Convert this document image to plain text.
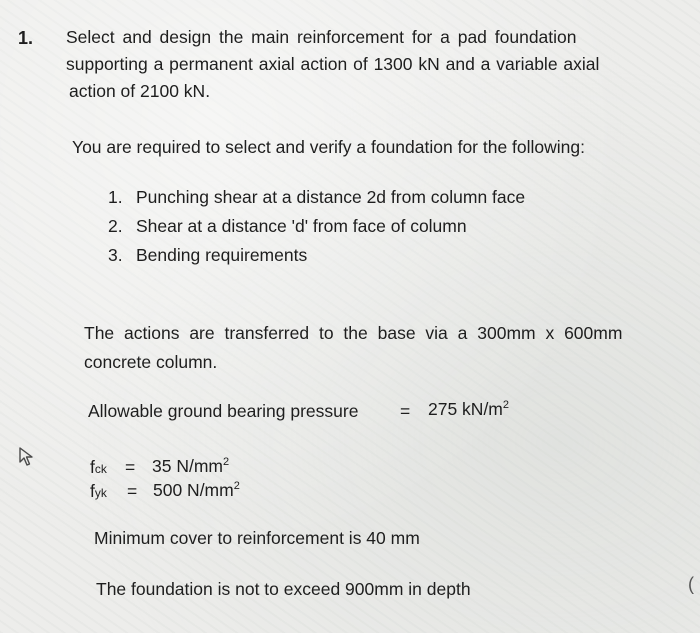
1. Select and design the main reinforcement for a pad foundation
supporting a permanent axial action of 1300 kN and a variable axial
action of 2100 kN.
You are required to select and verify a foundation for the following:
1. Punching shear at a distance 2d from column face
2. Shear at a distance 'd' from face of column
3. Bending requirements
The actions are transferred to the base via a 300mm x 600mm
concrete column.
Allowable ground bearing pressure = 275 $kN/m^2$
fck = 35 $N/mm^2$
fyk = 500 $N/mm^2$
Minimum cover to reinforcement is 40 mm
The foundation is not to exceed 900mm in depth	(
